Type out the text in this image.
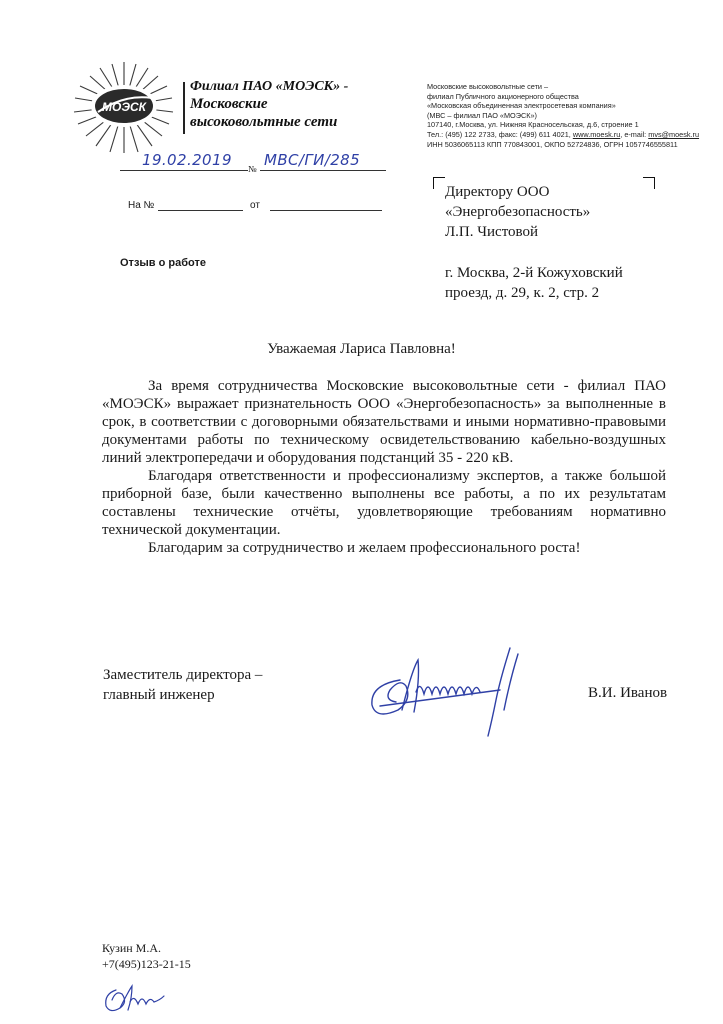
МОЭСК
Филиал ПАО «МОЭСК» -
Московские
высоковольтные сети
Московские высоковольтные сети –
филиал Публичного акционерного общества
«Московская объединенная электросетевая компания»
(МВС – филиал ПАО «МОЭСК»)
107140, г.Москва, ул. Нижняя Красносельская, д.6, строение 1
Тел.: (495) 122 2733, факс: (499) 611 4021, www.moesk.ru, e-mail: mvs@moesk.ru
ИНН 5036065113 КПП 770843001, ОКПО 52724836, ОГРН 1057746555811
№
19.02.2019 МВС/ГИ/285
На №	от
Отзыв о работе
Директору ООО
«Энергобезопасность»
Л.П. Чистовой
г. Москва, 2-й Кожуховский
проезд, д. 29, к. 2, стр. 2
Уважаемая Лариса Павловна!

За время сотрудничества Московские высоковольтные сети - филиал ПАО «МОЭСК» выражает признательность ООО «Энергобезопасность» за выполненные в срок, в соответствии с договорными обязательствами и иными нормативно-правовыми документами работы по техническому освидетельствованию кабельно-воздушных линий электропередачи и оборудования подстанций 35 - 220 кВ.

Благодаря ответственности и профессионализму экспертов, а также большой приборной базе, были качественно выполнены все работы, а по их результатам составлены технические отчёты, удовлетворяющие требованиям нормативно технической документации.

Благодарим за сотрудничество и желаем профессионального роста!

Заместитель директора –
главный инженер	В.И. Иванов
Кузин М.А.
+7(495)123-21-15
